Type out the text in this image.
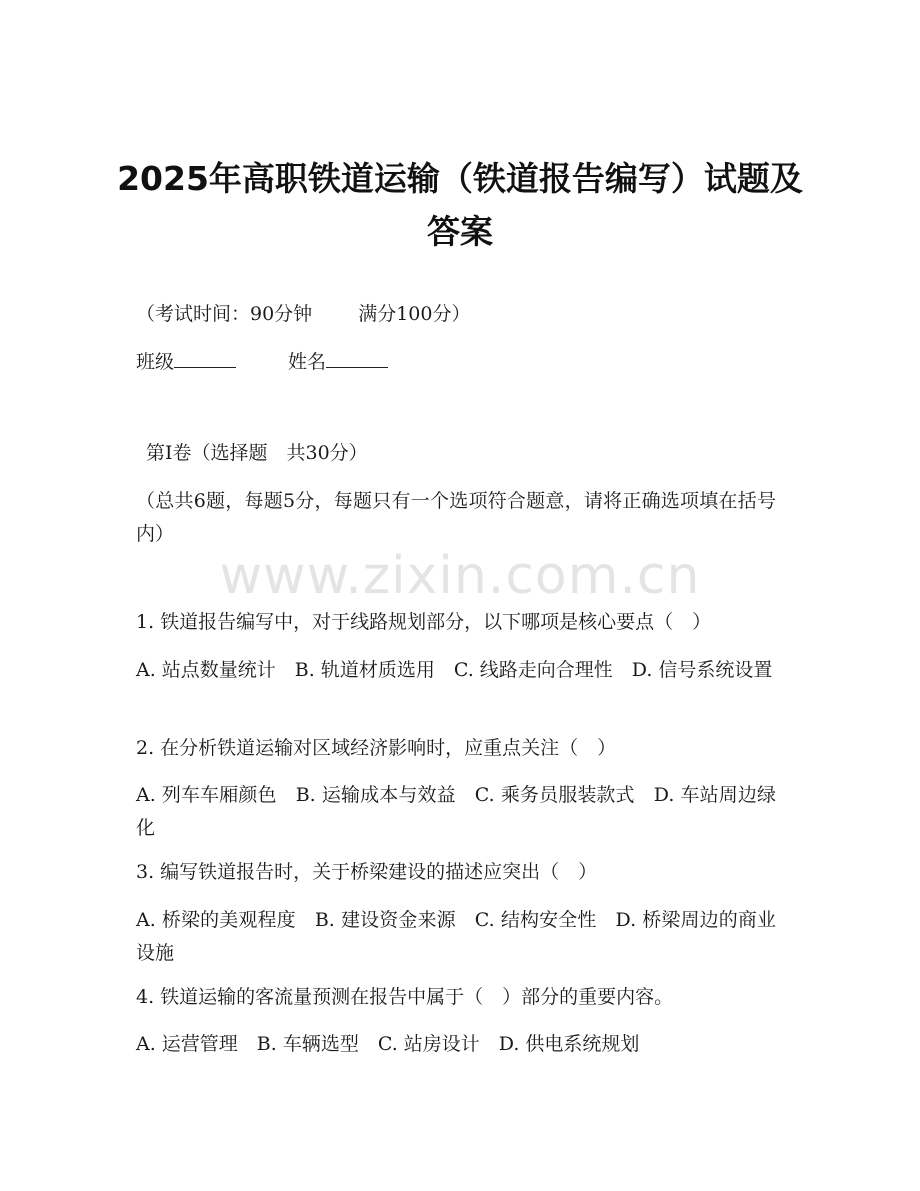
2025年高职铁道运输（铁道报告编写）试题及答案
（考试时间：90分钟 满分100分）
班级	姓名
第Ⅰ卷（选择题　共30分）
（总共6题，每题5分，每题只有一个选项符合题意，请将正确选项填在括号内）
www.zixin.com.cn
1. 铁道报告编写中，对于线路规划部分，以下哪项是核心要点（　）
A. 站点数量统计　B. 轨道材质选用　C. 线路走向合理性　D. 信号系统设置
2. 在分析铁道运输对区域经济影响时，应重点关注（　）
A. 列车车厢颜色　B. 运输成本与效益　C. 乘务员服装款式　D. 车站周边绿化
3. 编写铁道报告时，关于桥梁建设的描述应突出（　）
A. 桥梁的美观程度　B. 建设资金来源　C. 结构安全性　D. 桥梁周边的商业设施
4. 铁道运输的客流量预测在报告中属于（　）部分的重要内容。
A. 运营管理　B. 车辆选型　C. 站房设计　D. 供电系统规划
